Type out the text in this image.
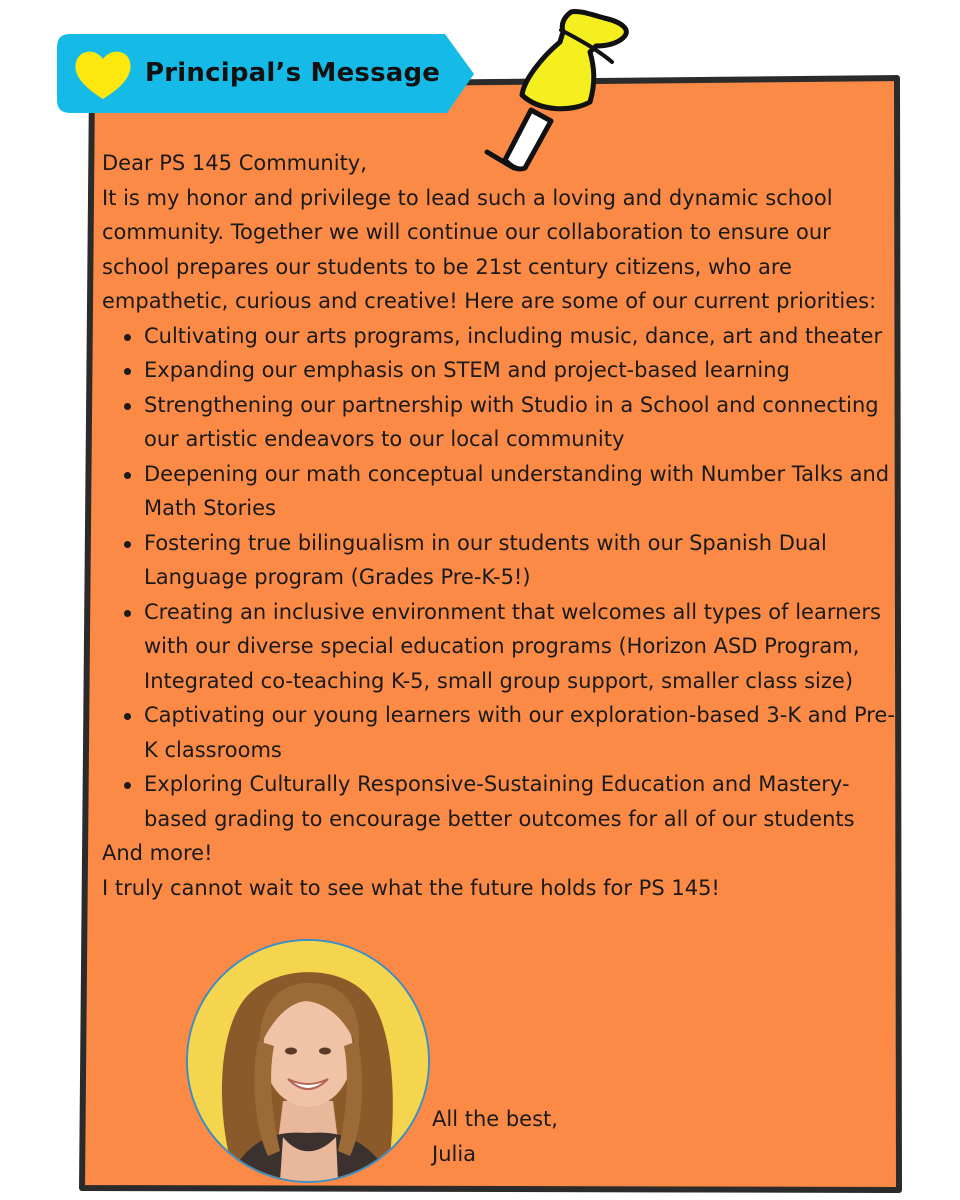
Principal’s Message

Dear PS 145 Community,

It is my honor and privilege to lead such a loving and dynamic school community. Together we will continue our collaboration to ensure our school prepares our students to be 21st century citizens, who are empathetic, curious and creative! Here are some of our current priorities:

Cultivating our arts programs, including music, dance, art and theater
Expanding our emphasis on STEM and project-based learning
Strengthening our partnership with Studio in a School and connecting our artistic endeavors to our local community
Deepening our math conceptual understanding with Number Talks and Math Stories
Fostering true bilingualism in our students with our Spanish Dual Language program (Grades Pre-K-5!)
Creating an inclusive environment that welcomes all types of learners with our diverse special education programs (Horizon ASD Program, Integrated co-teaching K-5, small group support, smaller class size)
Captivating our young learners with our exploration-based 3-K and Pre-K classrooms
Exploring Culturally Responsive-Sustaining Education and Mastery-based grading to encourage better outcomes for all of our students

And more!

I truly cannot wait to see what the future holds for PS 145!

All the best,

Julia
